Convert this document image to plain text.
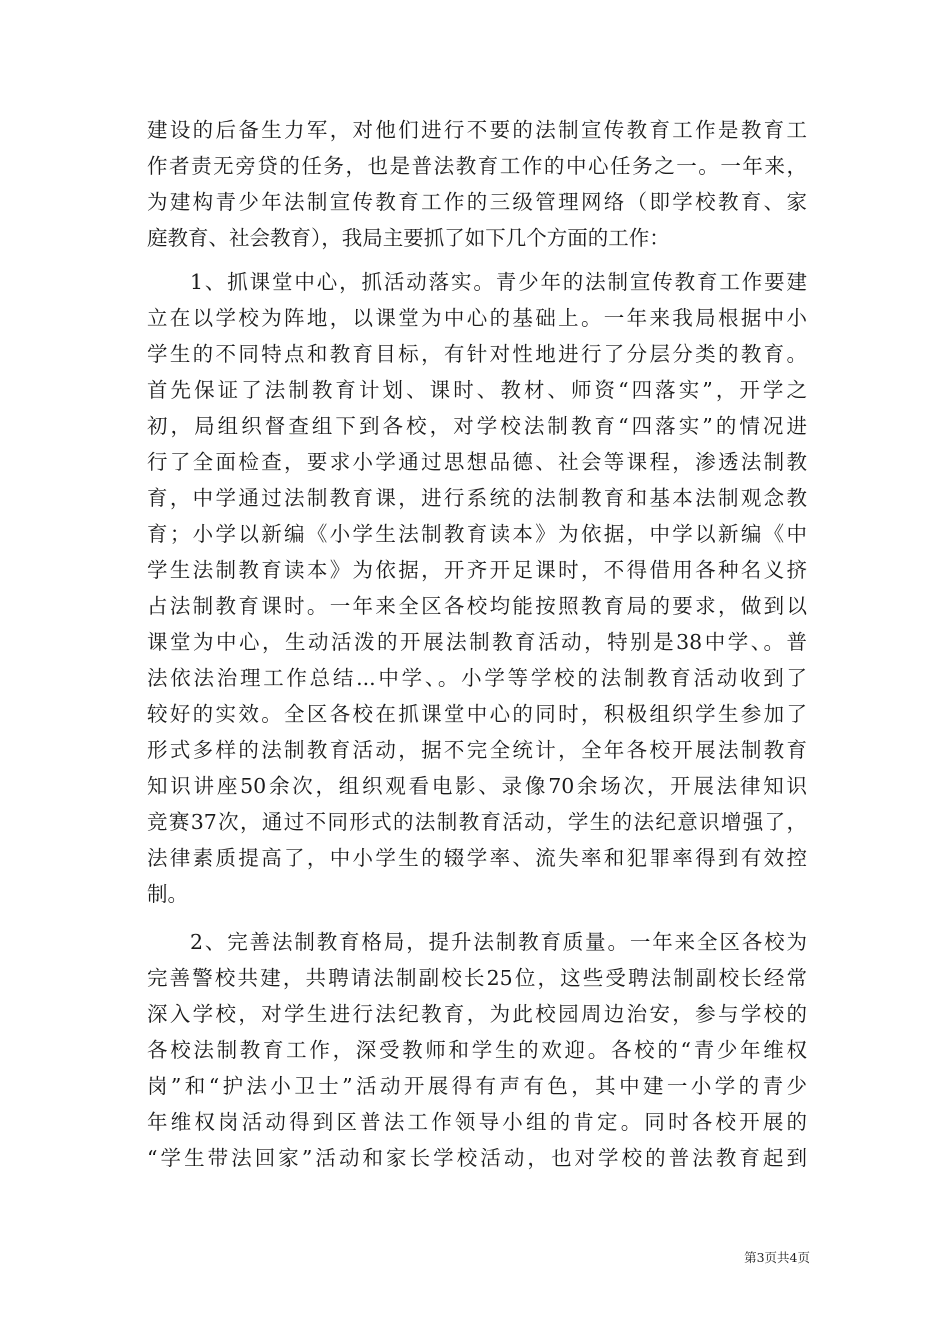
建设的后备生力军，对他们进行不要的法制宣传教育工作是教育工
作者责无旁贷的任务，也是普法教育工作的中心任务之一。一年来，
为建构青少年法制宣传教育工作的三级管理网络（即学校教育、家
庭教育、社会教育），我局主要抓了如下几个方面的工作：
1、抓课堂中心，抓活动落实。青少年的法制宣传教育工作要建
立在以学校为阵地，以课堂为中心的基础上。一年来我局根据中小
学生的不同特点和教育目标，有针对性地进行了分层分类的教育。
首先保证了法制教育计划、课时、教材、师资“四落实”，开学之
初，局组织督查组下到各校，对学校法制教育“四落实”的情况进
行了全面检查，要求小学通过思想品德、社会等课程，渗透法制教
育，中学通过法制教育课，进行系统的法制教育和基本法制观念教
育；小学以新编《小学生法制教育读本》为依据，中学以新编《中
学生法制教育读本》为依据，开齐开足课时，不得借用各种名义挤
占法制教育课时。一年来全区各校均能按照教育局的要求，做到以
课堂为中心，生动活泼的开展法制教育活动，特别是38中学、。普
法依法治理工作总结...中学、。小学等学校的法制教育活动收到了
较好的实效。全区各校在抓课堂中心的同时，积极组织学生参加了
形式多样的法制教育活动，据不完全统计，全年各校开展法制教育
知识讲座50余次，组织观看电影、录像70余场次，开展法律知识
竞赛37次，通过不同形式的法制教育活动，学生的法纪意识增强了，
法律素质提高了，中小学生的辍学率、流失率和犯罪率得到有效控
制。
2、完善法制教育格局，提升法制教育质量。一年来全区各校为
完善警校共建，共聘请法制副校长25位，这些受聘法制副校长经常
深入学校，对学生进行法纪教育，为此校园周边治安，参与学校的
各校法制教育工作，深受教师和学生的欢迎。各校的“青少年维权
岗”和“护法小卫士”活动开展得有声有色，其中建一小学的青少
年维权岗活动得到区普法工作领导小组的肯定。同时各校开展的
“学生带法回家”活动和家长学校活动，也对学校的普法教育起到
第3页共4页
